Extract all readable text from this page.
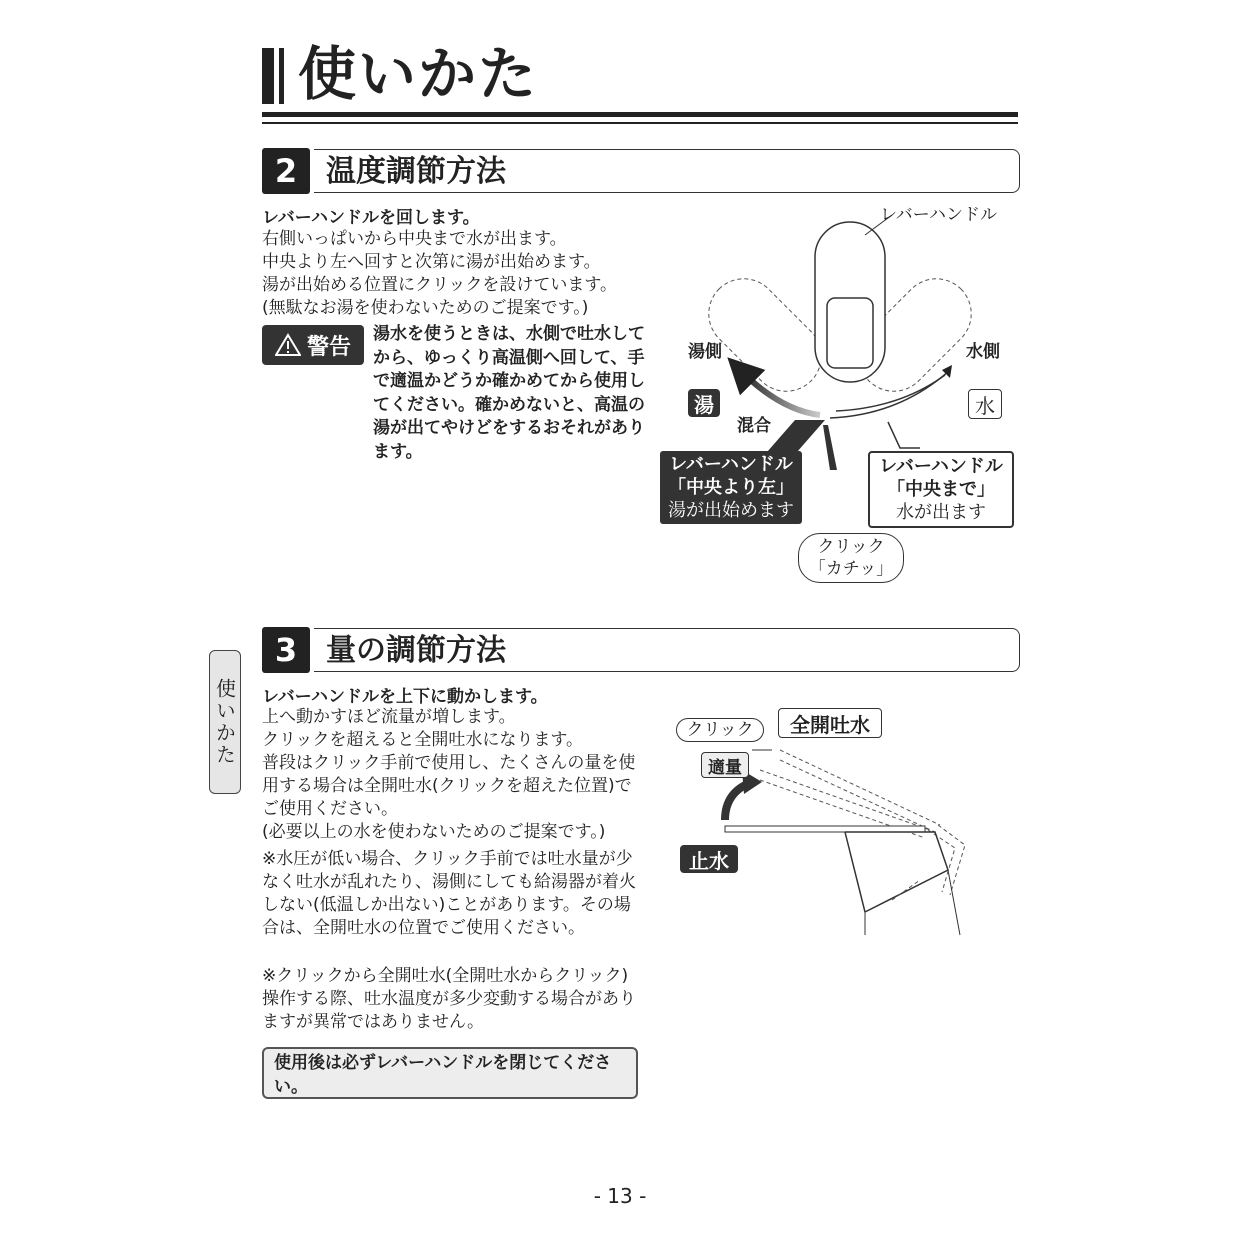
使いかた
2 温度調節方法
レバーハンドルを回します。
右側いっぱいから中央まで水が出ます。
中央より左へ回すと次第に湯が出始めます。
湯が出始める位置にクリックを設けています。
(無駄なお湯を使わないためのご提案です。)
警告
湯水を使うときは、水側で吐水してから、ゆっくり高温側へ回して、手で適温かどうか確かめてから使用してください。確かめないと、高温の湯が出てやけどをするおそれがあります。
レバーハンドル
湯側	水側
湯	水
混合
レバーハンドル
「中央より左」
湯が出始めます
レバーハンドル
「中央まで」
水が出ます
クリック
「カチッ」
使いかた
3 量の調節方法
レバーハンドルを上下に動かします。
上へ動かすほど流量が増します。
クリックを超えると全開吐水になります。
普段はクリック手前で使用し、たくさんの量を使用する場合は全開吐水(クリックを超えた位置)でご使用ください。
(必要以上の水を使わないためのご提案です。)
※水圧が低い場合、クリック手前では吐水量が少なく吐水が乱れたり、湯側にしても給湯器が着火しない(低温しか出ない)ことがあります。その場合は、全開吐水の位置でご使用ください。
※クリックから全開吐水(全開吐水からクリック)操作する際、吐水温度が多少変動する場合がありますが異常ではありません。
使用後は必ずレバーハンドルを閉じてください。
クリック	全開吐水
適量
止水
- 13 -
